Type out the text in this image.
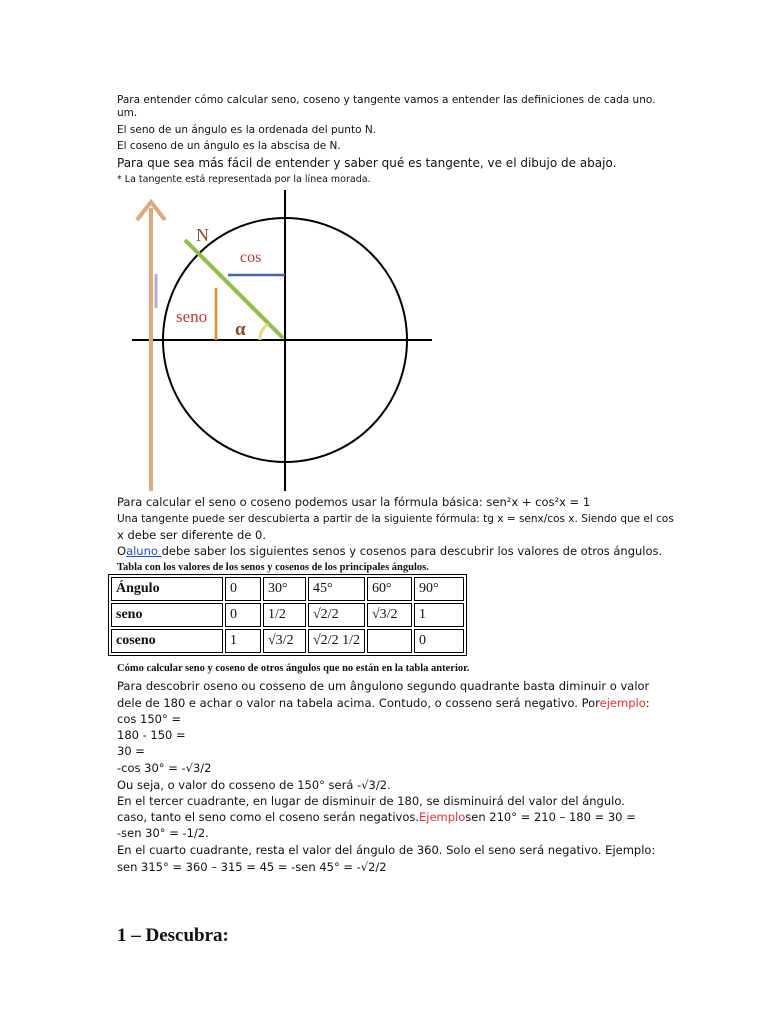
Para entender cómo calcular seno, coseno y tangente vamos a entender las definiciones de cada uno.
um.
El seno de un ángulo es la ordenada del punto N.
El coseno de un ángulo es la abscisa de N.
Para que sea más fácil de entender y saber qué es tangente, ve el dibujo de abajo.
* La tangente está representada por la línea morada.
N
cos
seno
α
Para calcular el seno o coseno podemos usar la fórmula básica: sen²x + cos²x = 1
Una tangente puede ser descubierta a partir de la siguiente fórmula: tg x = senx/cos x. Siendo que el cos
x debe ser diferente de 0.
Oaluno debe saber los siguientes senos y cosenos para descubrir los valores de otros ángulos.
Tabla con los valores de los senos y cosenos de los principales ángulos.
Ángulo	0	30°	45°	60°	90°
seno	0	1/2	√2/2	√3/2	1
coseno	1	√3/2	√2/2 1/2		0
Cómo calcular seno y coseno de otros ángulos que no están en la tabla anterior.
Para descobrir oseno ou cosseno de um ângulono segundo quadrante basta diminuir o valor
dele de 180 e achar o valor na tabela acima. Contudo, o cosseno será negativo. Porejemplo:
cos 150° =
180 - 150 =
30 =
-cos 30° = -√3/2
Ou seja, o valor do cosseno de 150° será -√3/2.
En el tercer cuadrante, en lugar de disminuir de 180, se disminuirá del valor del ángulo.
caso, tanto el seno como el coseno serán negativos.Ejemplosen 210° = 210 – 180 = 30 =
-sen 30° = -1/2.
En el cuarto cuadrante, resta el valor del ángulo de 360. Solo el seno será negativo. Ejemplo:
sen 315° = 360 – 315 = 45 = -sen 45° = -√2/2
1 – Descubra:
